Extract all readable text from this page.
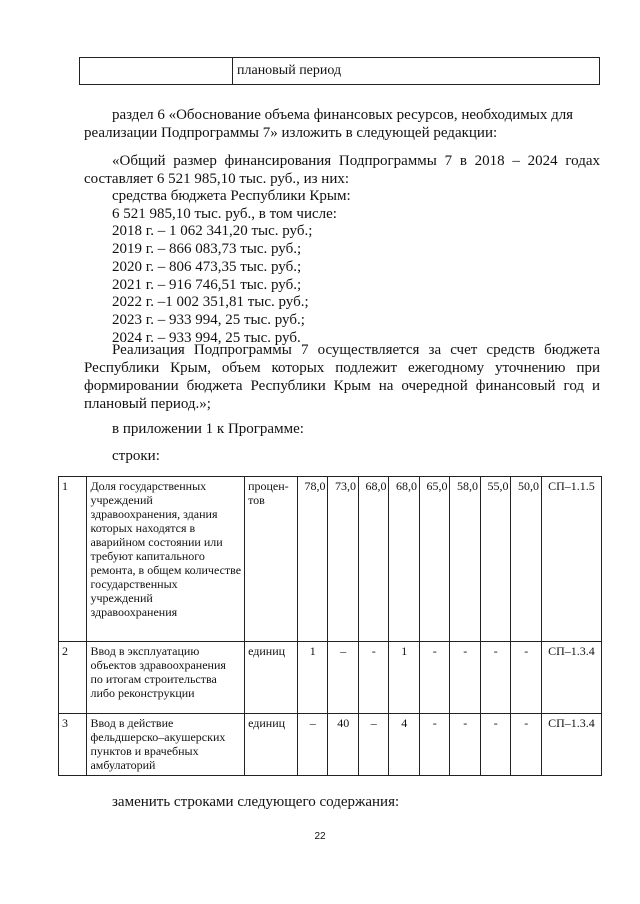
	плановый период

раздел 6 «Обоснование объема финансовых ресурсов, необходимых для

реализации Подпрограммы 7» изложить в следующей редакции:

«Общий размер финансирования Подпрограммы 7 в 2018 – 2024 годах

составляет 6 521 985,10 тыс. руб., из них:

средства бюджета Республики Крым:
6 521 985,10 тыс. руб., в том числе:
2018 г. – 1 062 341,20 тыс. руб.;
2019 г. – 866 083,73 тыс. руб.;
2020 г. – 806 473,35 тыс. руб.;
2021 г. – 916 746,51 тыс. руб.;
2022 г. –1 002 351,81 тыс. руб.;
2023 г. – 933 994, 25 тыс. руб.;
2024 г. – 933 994, 25 тыс. руб.

Реализация Подпрограммы 7 осуществляется за счет средств бюджета

Республики Крым, объем которых подлежит ежегодному уточнению при

формировании бюджета Республики Крым на очередной финансовый год и

плановый период.»;

в приложении 1 к Программе:

строки:

1	Доля государственных учреждений здравоохранения, здания которых находятся в аварийном состоянии или требуют капитального ремонта, в общем количестве государственных учреждений здравоохранения	процен-тов	78,0	73,0	68,0	68,0	65,0	58,0	55,0	50,0	СП–1.1.5
2	Ввод в эксплуатацию объектов здравоохранения по итогам строительства либо реконструкции	единиц	1	–	-	1	-	-	-	-	СП–1.3.4
3	Ввод в действие фельдшерско–акушерских пунктов и врачебных амбулаторий	единиц	–	40	–	4	-	-	-	-	СП–1.3.4

заменить строками следующего содержания:

22
